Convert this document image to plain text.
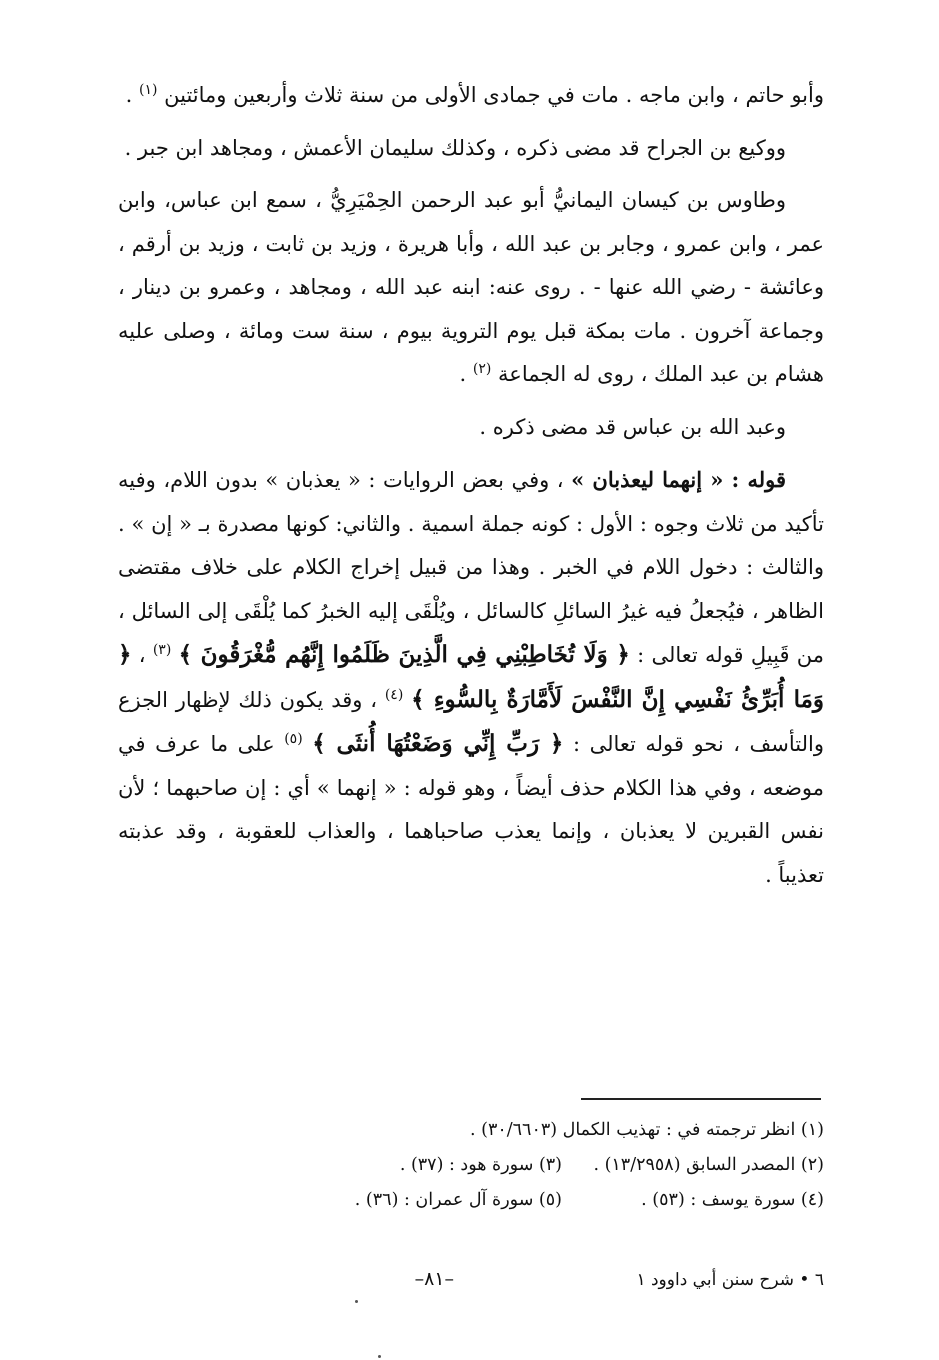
وأبو حاتم ، وابن ماجه . مات في جمادى الأولى من سنة ثلاث وأربعين ومائتين $^{(١)}$ .

ووكيع بن الجراح قد مضى ذكره ، وكذلك سليمان الأعمش ، ومجاهد ابن جبر .

وطاوس بن كيسان اليمانيُّ أبو عبد الرحمن الحِمْيَرِيُّ ، سمع ابن عباس، وابن عمر ، وابن عمرو ، وجابر بن عبد الله ، وأبا هريرة ، وزيد بن ثابت ، وزيد بن أرقم ، وعائشة - رضي الله عنها - . روى عنه: ابنه عبد الله ، ومجاهد ، وعمرو بن دينار ، وجماعة آخرون . مات بمكة قبل يوم التروية بيوم ، سنة ست ومائة ، وصلى عليه هشام بن عبد الملك ، روى له الجماعة $^{(٢)}$ .

وعبد الله بن عباس قد مضى ذكره .

قوله : « إنهما ليعذبان » ، وفي بعض الروايات : « يعذبان » بدون اللام، وفيه تأكيد من ثلاث وجوه : الأول : كونه جملة اسمية . والثاني: كونها مصدرة بـ « إن » . والثالث : دخول اللام في الخبر . وهذا من قبيل إخراج الكلام على خلاف مقتضى الظاهر ، فيُجعلُ فيه غيرُ السائلِ كالسائل ، ويُلْقَى إليه الخبرُ كما يُلْقَى إلى السائل ، من قَبِيلِ قوله تعالى : ﴿ وَلَا تُخَاطِبْنِي فِي الَّذِينَ ظَلَمُوا إِنَّهُم مُّغْرَقُونَ ﴾ $^{(٣)}$ ، ﴿ وَمَا أُبَرِّئُ نَفْسِي إِنَّ النَّفْسَ لَأَمَّارَةٌ بِالسُّوءِ ﴾ $^{(٤)}$ ، وقد يكون ذلك لإظهار الجزع والتأسف ، نحو قوله تعالى : ﴿ رَبِّ إِنِّي وَضَعْتُهَا أُنثَى ﴾ $^{(٥)}$ على ما عرف في موضعه ، وفي هذا الكلام حذف أيضاً ، وهو قوله : « إنهما » أي : إن صاحبهما ؛ لأن نفس القبرين لا يعذبان ، وإنما يعذب صاحباهما ، والعذاب للعقوبة ، وقد عذبته تعذيباً .

(١) انظر ترجمته في : تهذيب الكمال (٣٠/٦٦٠٣) .
(٢) المصدر السابق (١٣/٢٩٥٨) .
(٣) سورة هود : (٣٧) .
(٤) سورة يوسف : (٥٣) .
(٥) سورة آل عمران : (٣٦) .
٦ • شرح سنن أبي داوود ١
–٨١–
